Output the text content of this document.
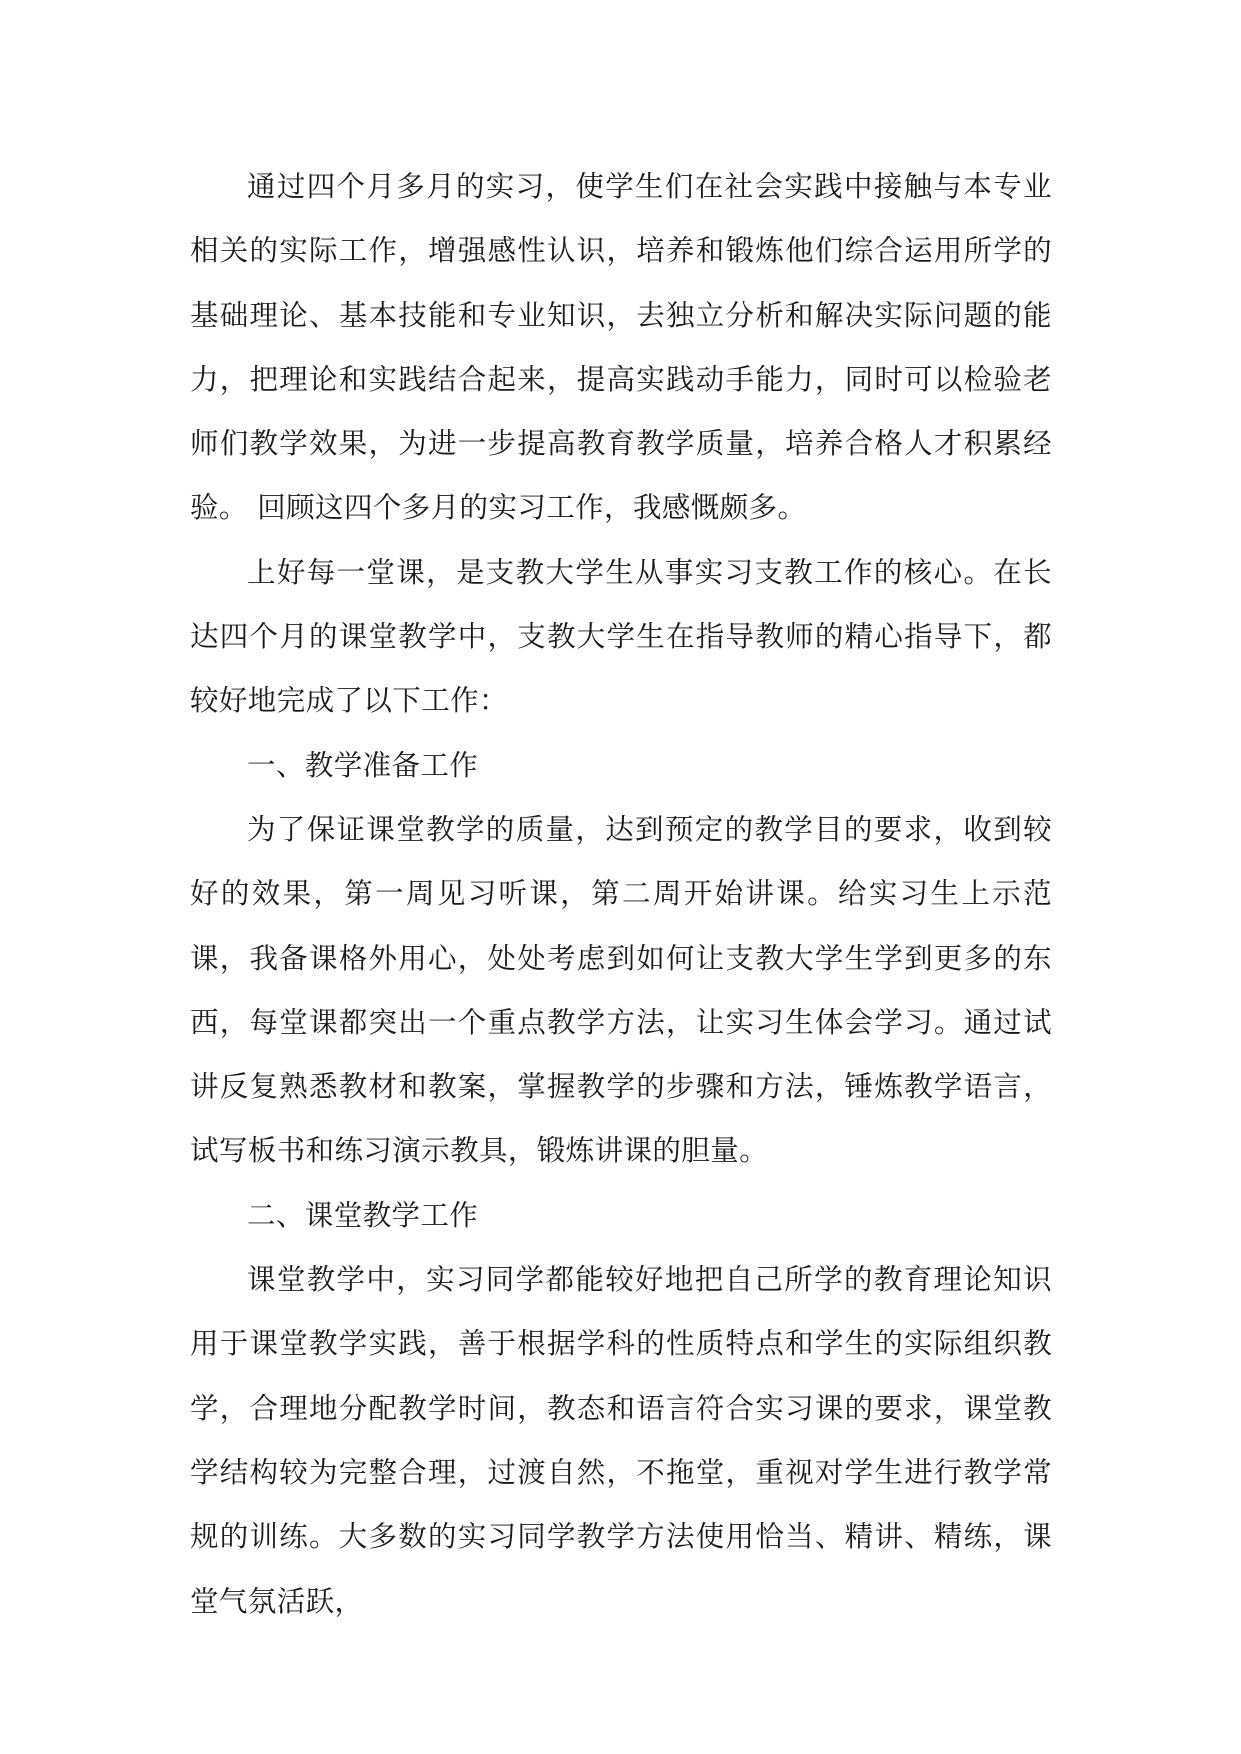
通过四个月多月的实习，使学生们在社会实践中接触与本专业相关的实际工作，增强感性认识，培养和锻炼他们综合运用所学的基础理论、基本技能和专业知识，去独立分析和解决实际问题的能力，把理论和实践结合起来，提高实践动手能力，同时可以检验老师们教学效果，为进一步提高教育教学质量，培养合格人才积累经验。 回顾这四个多月的实习工作，我感慨颇多。

上好每一堂课，是支教大学生从事实习支教工作的核心。在长达四个月的课堂教学中，支教大学生在指导教师的精心指导下，都较好地完成了以下工作：

一、教学准备工作

为了保证课堂教学的质量，达到预定的教学目的要求，收到较好的效果，第一周见习听课，第二周开始讲课。给实习生上示范课，我备课格外用心，处处考虑到如何让支教大学生学到更多的东西，每堂课都突出一个重点教学方法，让实习生体会学习。通过试讲反复熟悉教材和教案，掌握教学的步骤和方法，锤炼教学语言，试写板书和练习演示教具，锻炼讲课的胆量。

二、课堂教学工作

课堂教学中，实习同学都能较好地把自己所学的教育理论知识用于课堂教学实践，善于根据学科的性质特点和学生的实际组织教学，合理地分配教学时间，教态和语言符合实习课的要求，课堂教学结构较为完整合理，过渡自然，不拖堂，重视对学生进行教学常规的训练。大多数的实习同学教学方法使用恰当、精讲、精练，课堂气氛活跃，
